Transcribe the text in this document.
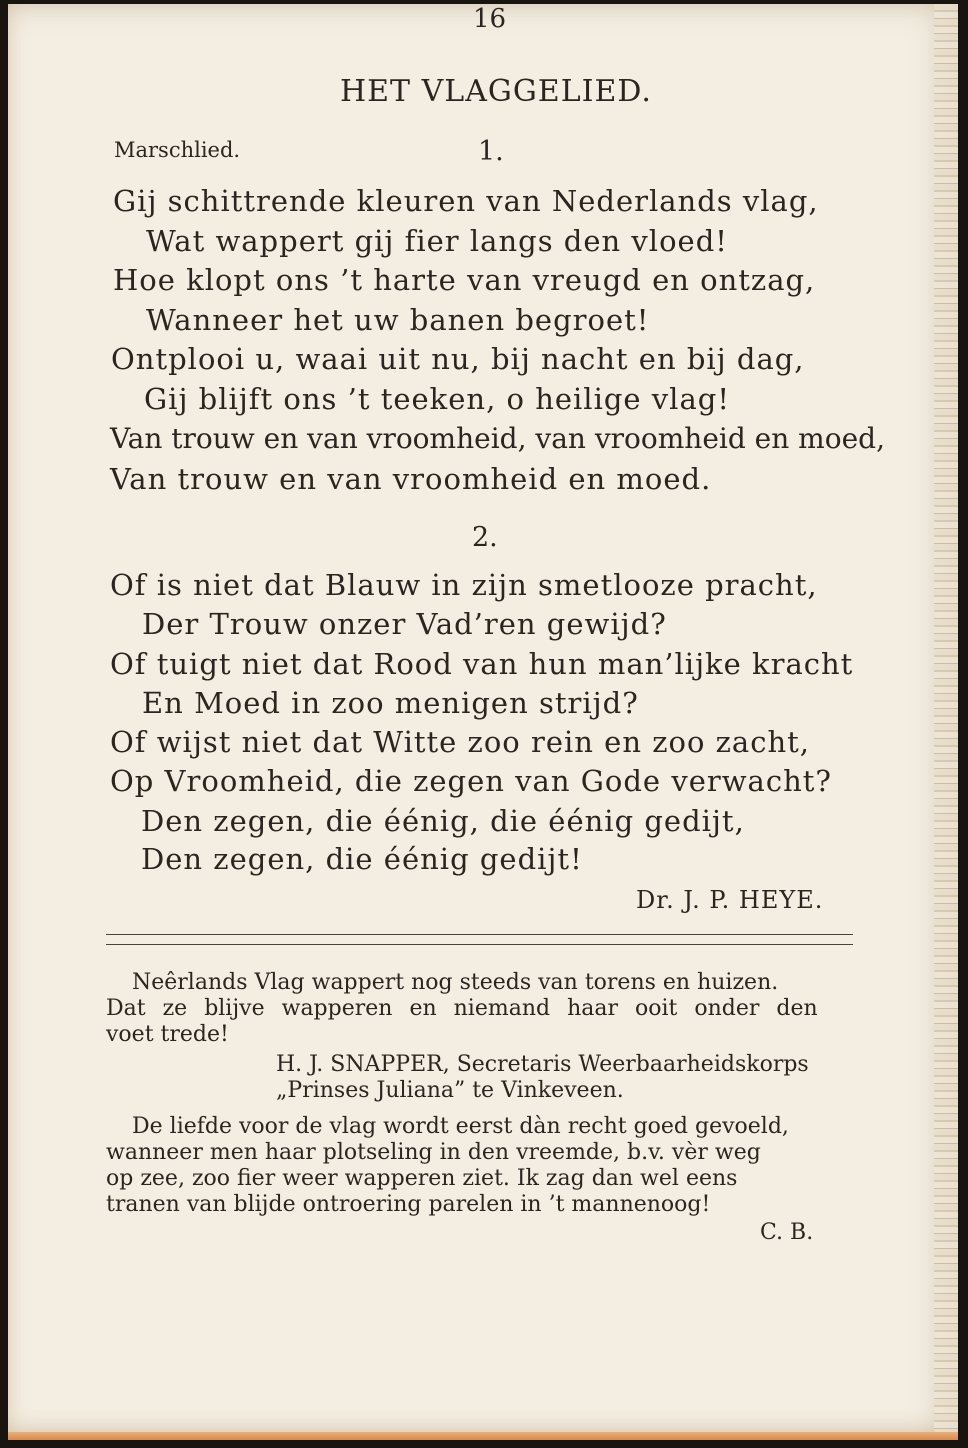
16

HET VLAGGELIED.

Marschlied.	1.

Gij schittrende kleuren van Nederlands vlag,

Wat wappert gij fier langs den vloed!

Hoe klopt ons ’t harte van vreugd en ontzag,

Wanneer het uw banen begroet!

Ontplooi u, waai uit nu, bij nacht en bij dag,

Gij blijft ons ’t teeken, o heilige vlag!

Van trouw en van vroomheid, van vroomheid en moed,

Van trouw en van vroomheid en moed.

2.

Of is niet dat Blauw in zijn smetlooze pracht,

Der Trouw onzer Vad’ren gewijd?

Of tuigt niet dat Rood van hun man’lijke kracht

En Moed in zoo menigen strijd?

Of wijst niet dat Witte zoo rein en zoo zacht,

Op Vroomheid, die zegen van Gode verwacht?

Den zegen, die éénig, die éénig gedijt,

Den zegen, die éénig gedijt!

Dr. J. P. HEYE.

Neêrlands Vlag wappert nog steeds van torens en huizen.

Dat ze blijve wapperen en niemand haar ooit onder den

voet trede!

H. J. SNAPPER, Secretaris Weerbaarheidskorps

„Prinses Juliana” te Vinkeveen.

De liefde voor de vlag wordt eerst dàn recht goed gevoeld,

wanneer men haar plotseling in den vreemde, b.v. vèr weg

op zee, zoo fier weer wapperen ziet. Ik zag dan wel eens

tranen van blijde ontroering parelen in ’t mannenoog!

C. B.
